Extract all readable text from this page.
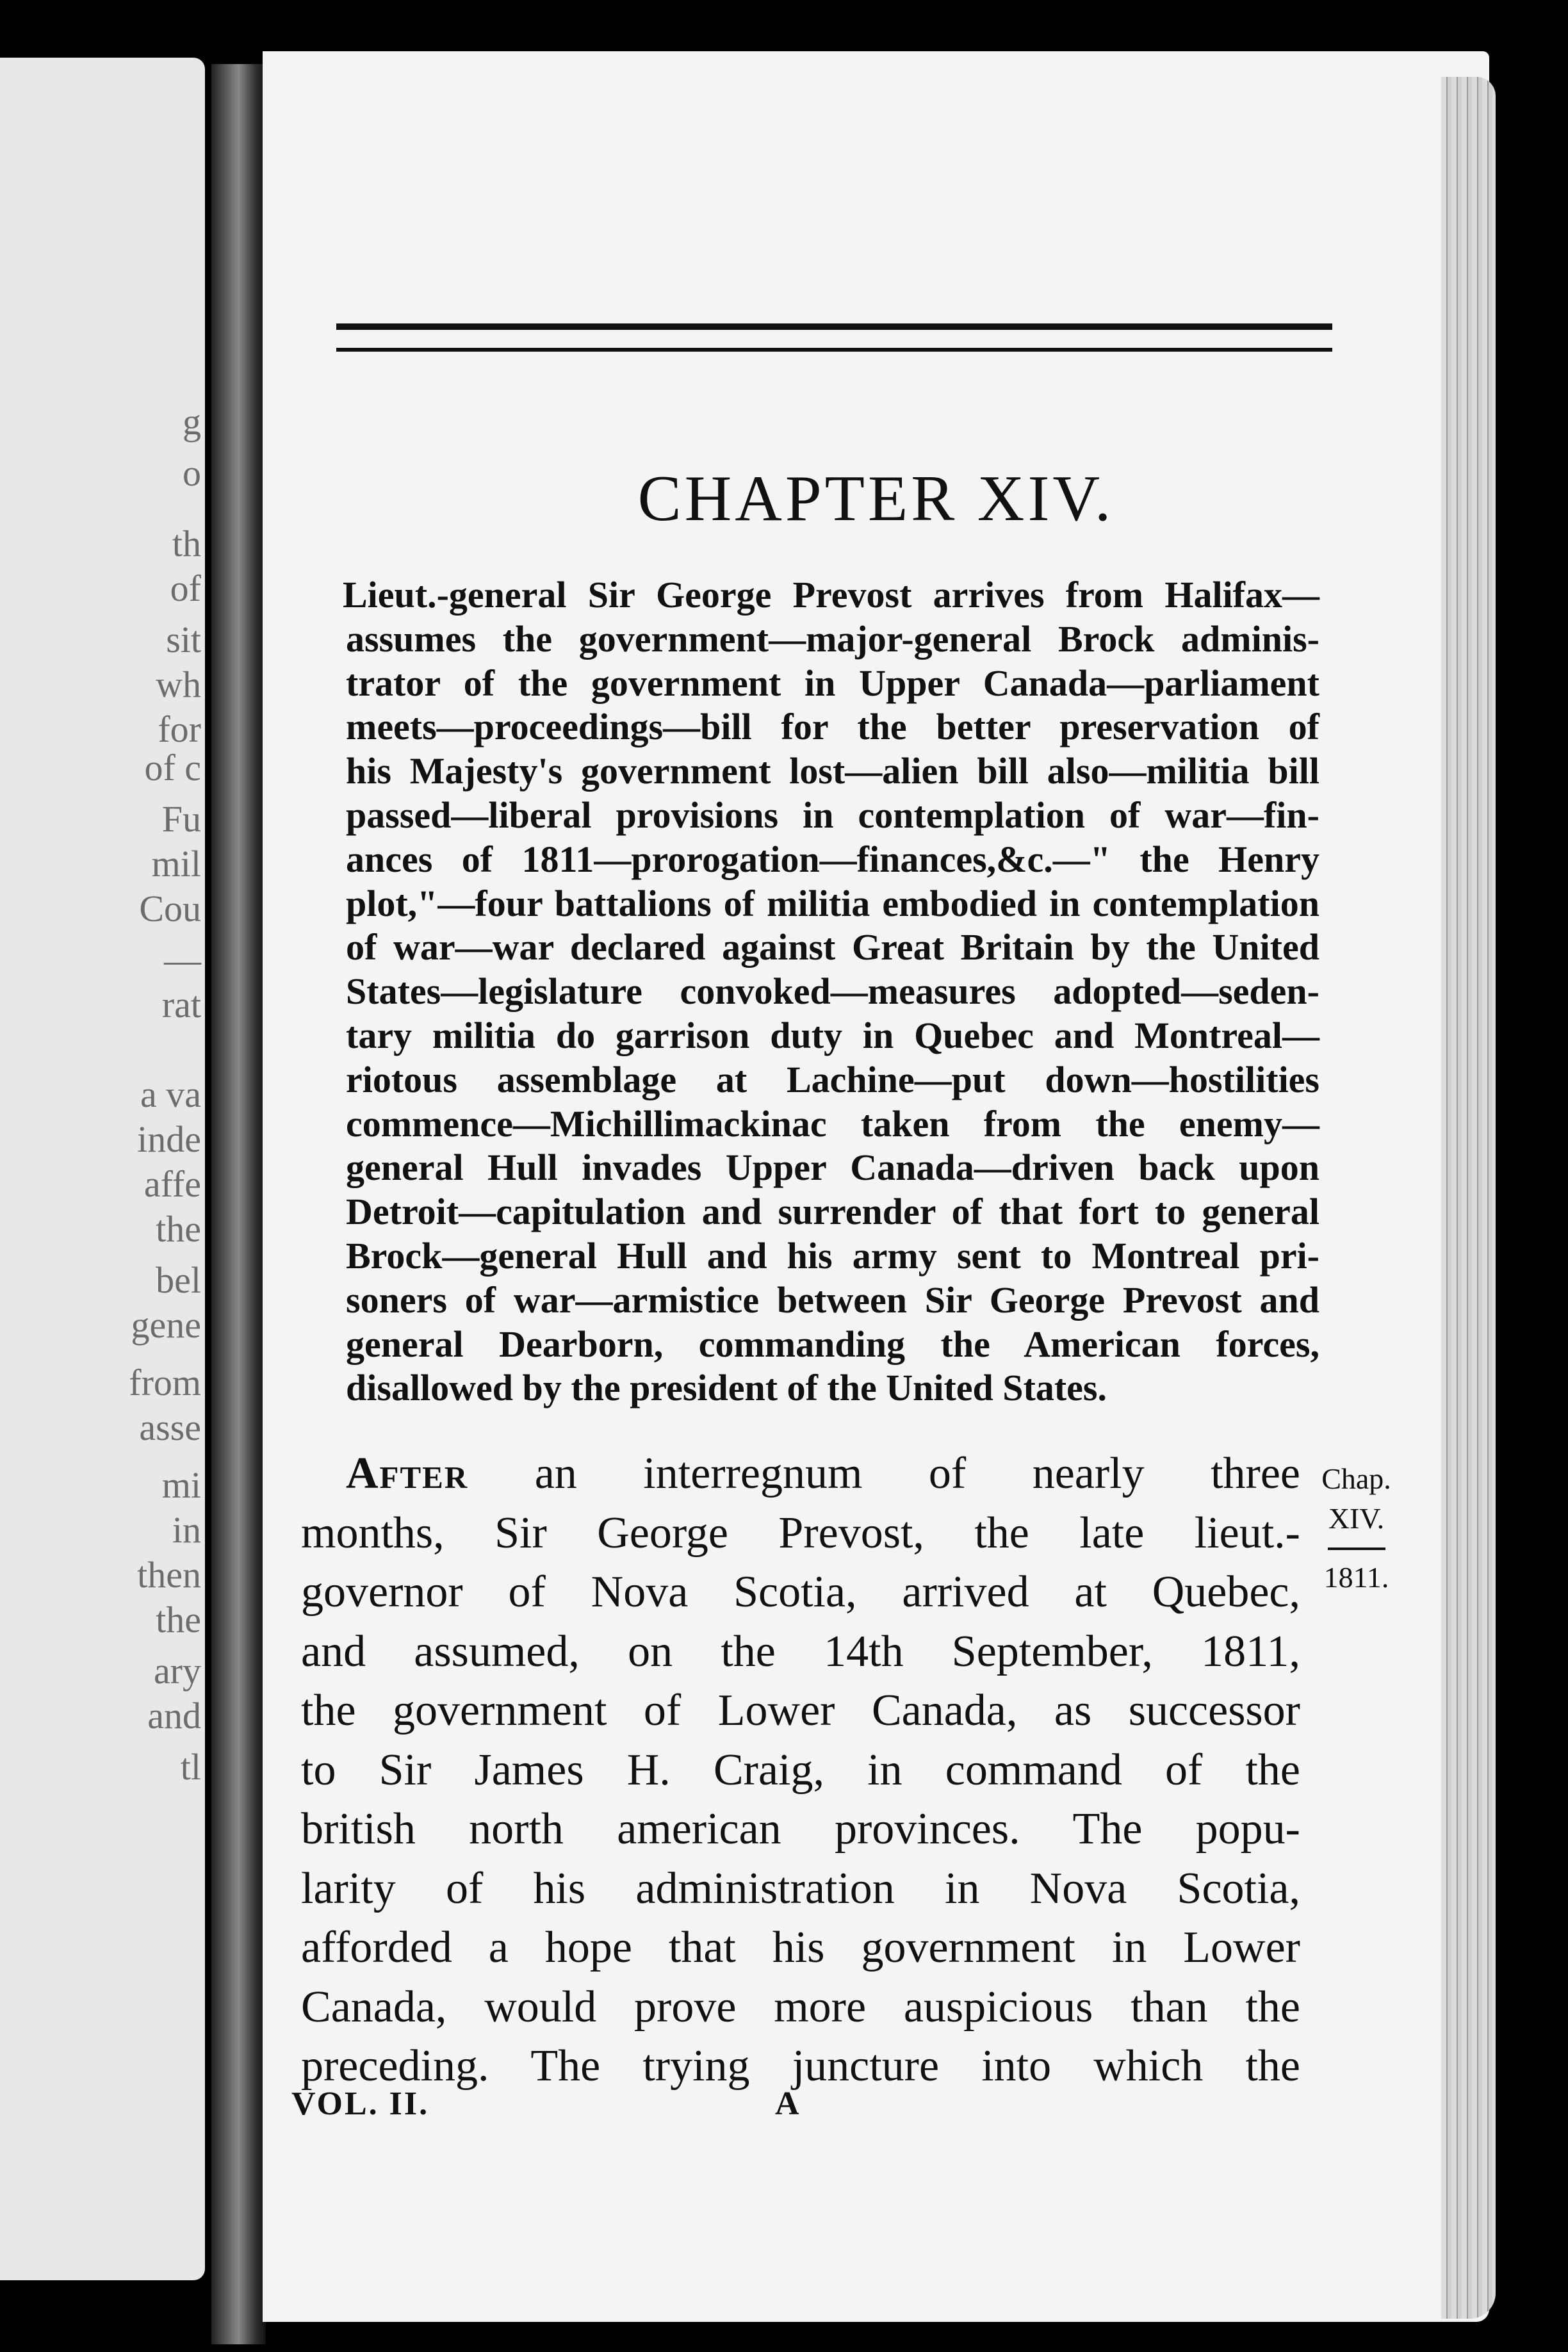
g
o
th
of
sit
wh
for
of c
Fu
mil
Cou
—
rat
a va
inde
affe
the
bel
gene
from
asse
mi
in
then
the
ary
and
tl
CHAPTER XIV.
Lieut.-general Sir George Prevost arrives from Halifax—
assumes the government—major-general Brock adminis-
trator of the government in Upper Canada—parliament
meets—proceedings—bill for the better preservation of
his Majesty's government lost—alien bill also—militia bill
passed—liberal provisions in contemplation of war—fin-
ances of 1811—prorogation—finances,&c.—" the Henry
plot,"—four battalions of militia embodied in contemplation
of war—war declared against Great Britain by the United
States—legislature convoked—measures adopted—seden-
tary militia do garrison duty in Quebec and Montreal—
riotous assemblage at Lachine—put down—hostilities
commence—Michillimackinac taken from the enemy—
general Hull invades Upper Canada—driven back upon
Detroit—capitulation and surrender of that fort to general
Brock—general Hull and his army sent to Montreal pri-
soners of war—armistice between Sir George Prevost and
general Dearborn, commanding the American forces,
disallowed by the president of the United States.
After an interregnum of nearly three
months, Sir George Prevost, the late lieut.-
governor of Nova Scotia, arrived at Quebec,
and assumed, on the 14th September, 1811,
the government of Lower Canada, as successor
to Sir James H. Craig, in command of the
british north american provinces. The popu-
larity of his administration in Nova Scotia,
afforded a hope that his government in Lower
Canada, would prove more auspicious than the
preceding. The trying juncture into which the
Chap.
XIV.
1811.
VOL. II.	A
